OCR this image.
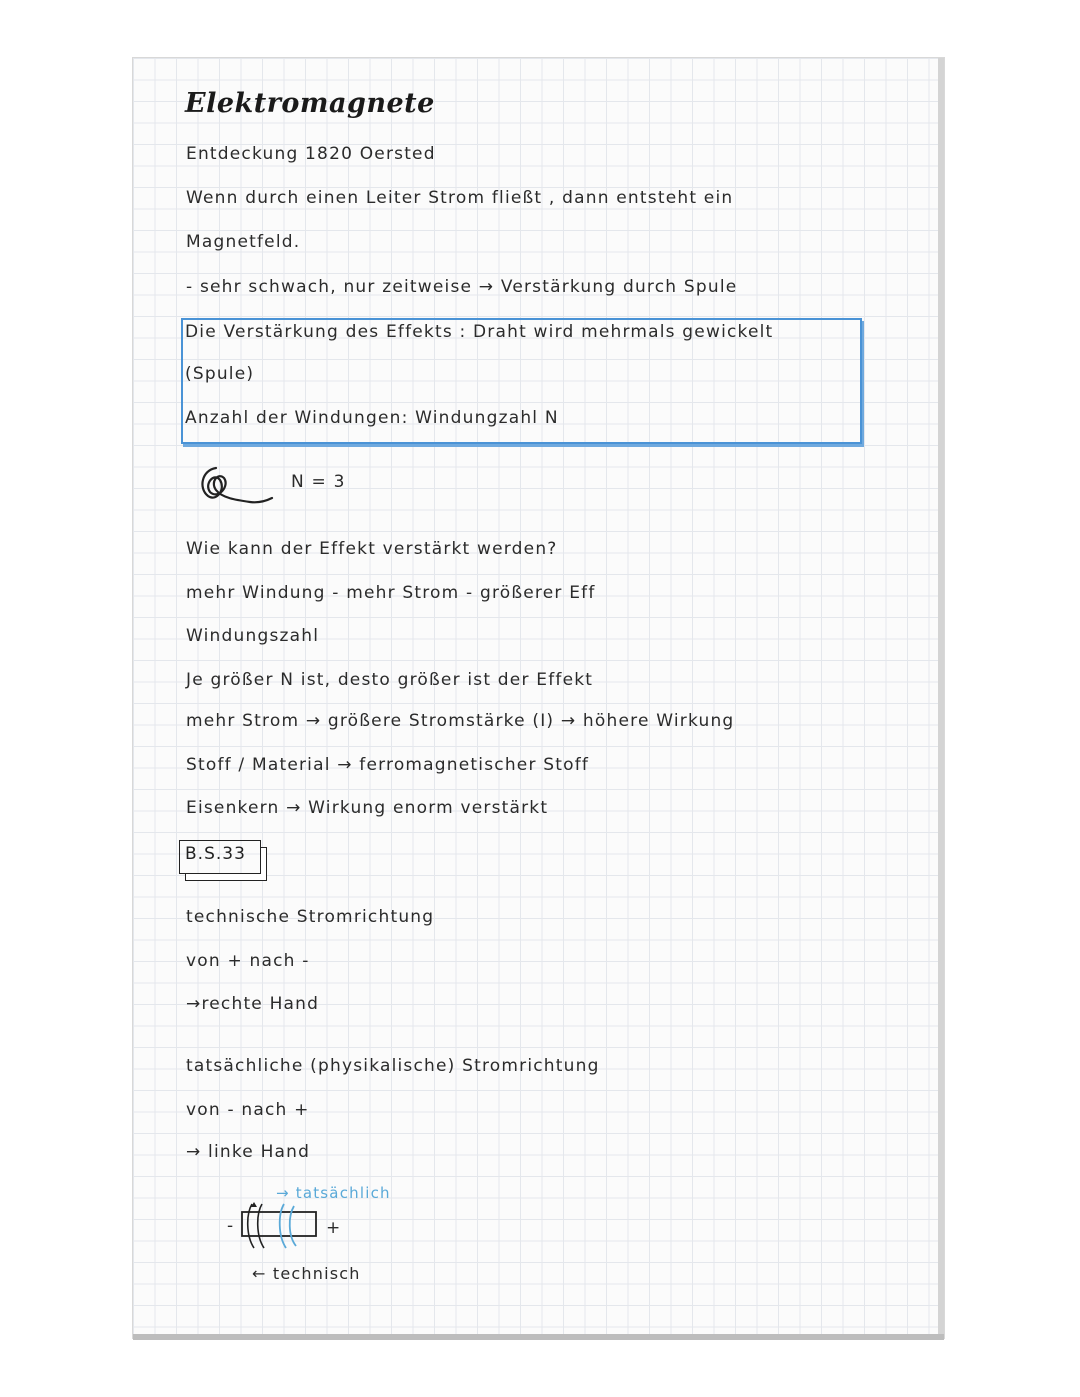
Elektromagnete

Entdeckung 1820 Oersted

Wenn durch einen Leiter Strom fließt , dann entsteht ein

Magnetfeld.

- sehr schwach, nur zeitweise → Verstärkung durch Spule

Die Verstärkung des Effekts : Draht wird mehrmals gewickelt

(Spule)

Anzahl der Windungen: Windungzahl N

N = 3

Wie kann der Effekt verstärkt werden?

mehr Windung - mehr Strom - größerer Eff

Windungszahl

Je größer N ist, desto größer ist der Effekt

mehr Strom → größere Stromstärke (I) → höhere Wirkung

Stoff / Material → ferromagnetischer Stoff

Eisenkern → Wirkung enorm verstärkt

B.S.33

technische Stromrichtung

von + nach -

→rechte Hand

tatsächliche (physikalische) Stromrichtung

von - nach +

→ linke Hand

→ tatsächlich

-	+

← technisch
